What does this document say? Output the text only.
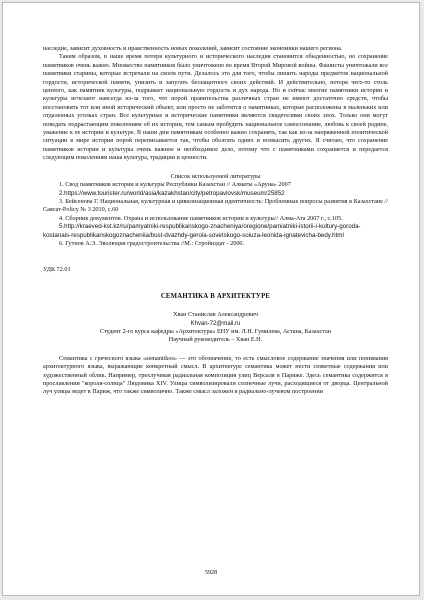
наследие, зависит духовность и нравственность новых поколений, зависит состояние экономики нашего региона.

Таким образом, в наше время потеря культурного и исторического наследия становится обыденностью, но сохранение памятников очень важно. Множество памятников было уничтожено во время Второй Мировой войны. Фашисты уничтожали все памятники старины, которые встречали на своем пути. Делалось это для того, чтобы лишить народы предметов национальной гордости, исторической памяти, унизить и запугать беззащитного своих действий. И действительно, потеря чего-то столь ценного, как памятник культуры, подрывает национальную гордость и дух народа. Но и сейчас многие памятники истории и культуры исчезают навсегда из-за того, что порой правительства различных стран не имеют достаточно средств, чтобы восстановить тот или иной исторический объект, или просто не заботятся о памятниках, которые расположены в маленьких или отдаленных уголках стран. Все культурные и исторические памятники являются свидетелями своих эпох. Только они могут поведать подрастающим поколениям об их истории, тем самым пробудить национальное самосознание, любовь к своей родине, уважение к ее истории и культуре. В наши дни памятникам особенно важно сохранять, так как из-за напряженной политической ситуации в мире история порой переписывается так, чтобы оболгать одних и возвысить других. Я считаю, что сохранение памятников истории и культуры очень важное и необходимое дело, потому что с памятниками сохраняется и передается следующим поколениям наша культура, традиции и ценности.

Список используемой литературы

1. Свод памятников истории и культуры Республики Казахстан // Алматы «Аруна» 2007

2.https://www.tourister.ru/world/asia/kazakhstan/city/petropavlovsk/museum/25852

3. Бейсенова Г. Национальная, культурная и цивилизационная идентичность: Проблемные вопросы развития в Казахстане // Саясат-Policy № 3 2010, с.60

4. Сборник документов. Охрана и использование памятников истории и культуры// Алма-Ата 2007 г., с.105.

5.http://kraeved-kst.kz/ru/pamyatniki-respublikanskogo-znacheniya/oregione/pamiatniki-istorii-i-kultury-goroda-kostanais-respublikanskogoznacheniia/bust-dvazhdy-geroia-sovetskogo-soiuza-leonida-ignatevicha-bedy.html

6. Гутнов А.Э. Эволюция градостроительства //М.: Стройиздат - 2000.

УДК 72.01

СЕМАНТИКА В АРХИТЕКТУРЕ

Хван Станислав Александрович

Khvan-72@mail.ru

Студент 2-го курса кафедры «Архитектура» ЕНУ им. Л.Н. Гумилева, Астана, Казахстан

Научный руководитель – Хван Е.Н.

Семантика с греческого языка «semantikos» — это обозначение, то есть смысловое содержание значения или понимания архитектурного языка, выражающие конкретный смысл. В архитектуре семантика может нести сюжетные содержания или художественный облик. Например, трехлучевая радиальная композиция улиц Версаля в Париже. Здесь семантика содержится в прославлении "короля-солнца" Людовика XIV. Улицы символизировали солнечные лучи, расходящиеся от дворца. Центральной луч улицы ведет в Париж, что также символично. Также смысл заложен в радиально-лучевом построении

5928
